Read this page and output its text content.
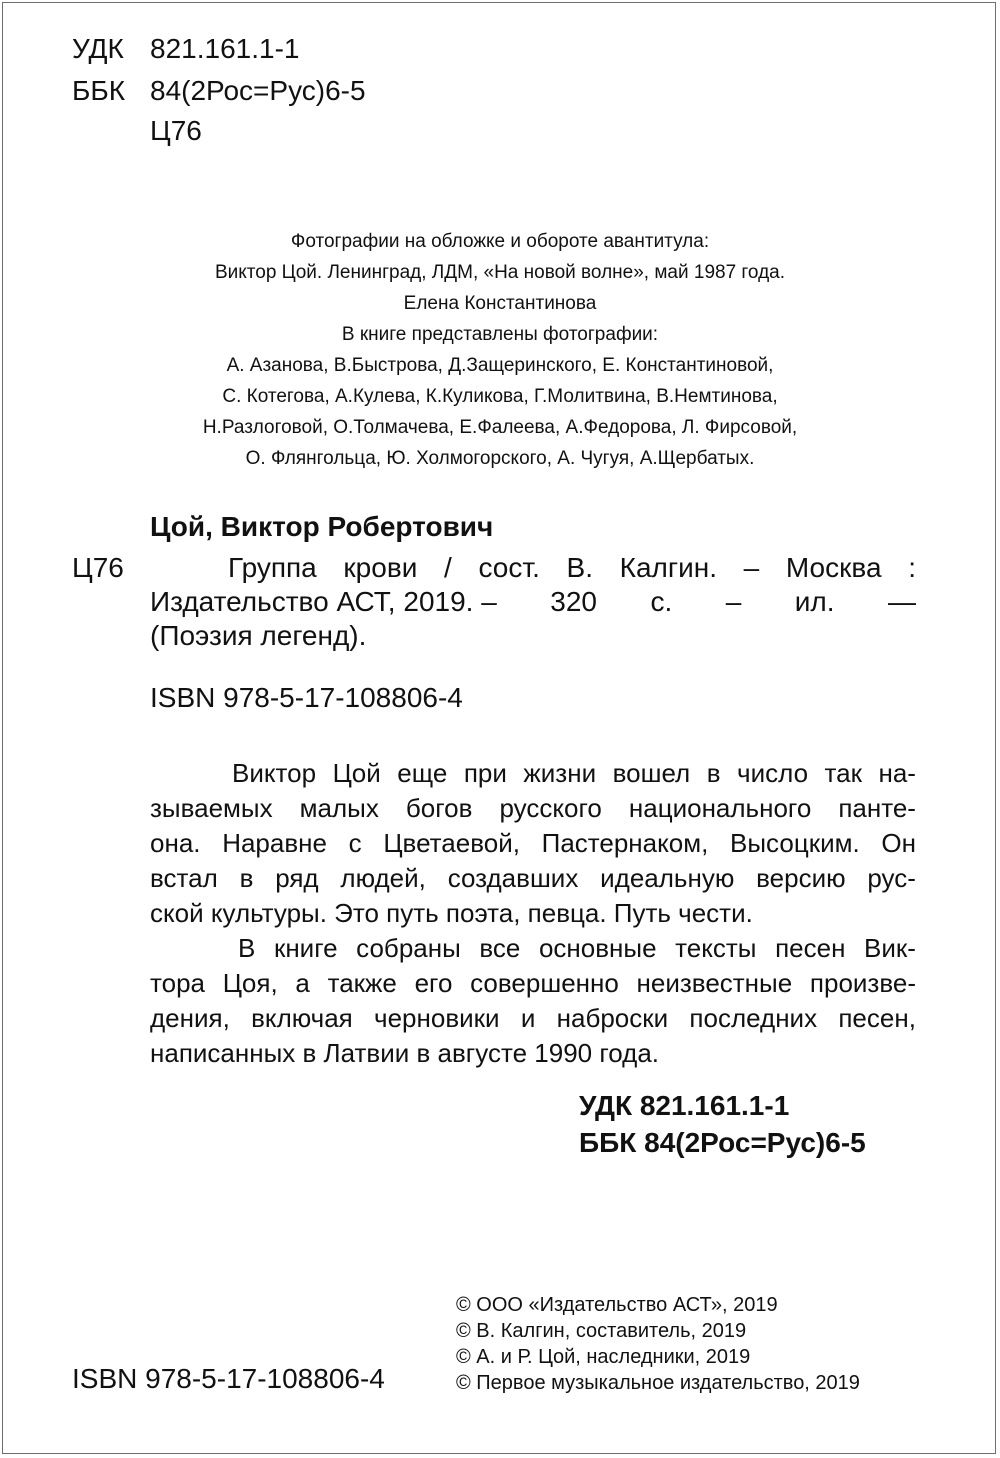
УДК 821.161.1-1
ББК 84(2Рос=Рус)6-5
Ц76
Фотографии на обложке и обороте авантитула:
Виктор Цой. Ленинград, ЛДМ, «На новой волне», май 1987 года.
Елена Константинова
В книге представлены фотографии:
А. Азанова, В.Быстрова, Д.Защеринского, Е. Константиновой,
С. Котегова, А.Кулева, К.Куликова, Г.Молитвина, В.Немтинова,
Н.Разлоговой, О.Толмачева, Е.Фалеева, А.Федорова, Л. Фирсовой,
О. Флянгольца, Ю. Холмогорского, А. Чугуя, А.Щербатых.
Цой, Виктор Робертович
Ц76	Группа крови / сост. В. Калгин. – Москва :
Издательство АСТ, 2019. – 320 с. – ил. —
(Поэзия легенд).
ISBN 978-5-17-108806-4
Виктор Цой еще при жизни вошел в число так на-
зываемых малых богов русского национального панте-
она. Наравне с Цветаевой, Пастернаком, Высоцким. Он
встал в ряд людей, создавших идеальную версию рус-
ской культуры. Это путь поэта, певца. Путь чести.
В книге собраны все основные тексты песен Вик-
тора Цоя, а также его совершенно неизвестные произве-
дения, включая черновики и наброски последних песен,
написанных в Латвии в августе 1990 года.
УДК 821.161.1-1
ББК 84(2Рос=Рус)6-5
© ООО «Издательство АСТ», 2019
© В. Калгин, составитель, 2019
© А. и Р. Цой, наследники, 2019
© Первое музыкальное издательство, 2019
ISBN 978-5-17-108806-4
